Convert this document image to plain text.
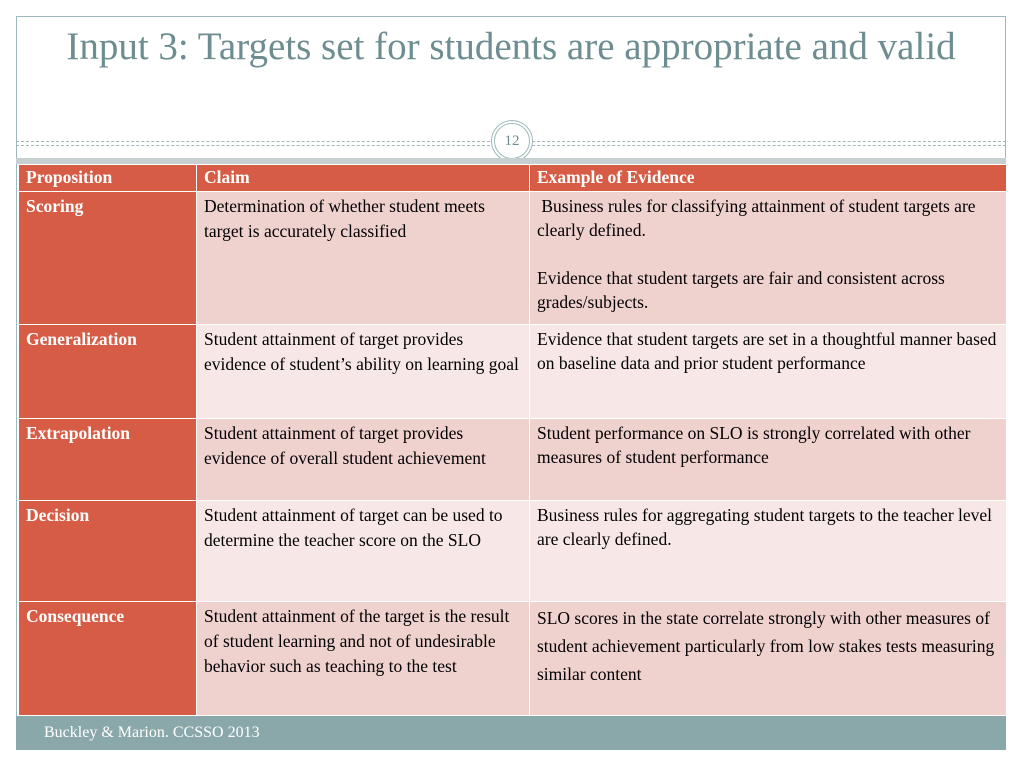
Input 3: Targets set for students are appropriate and valid
12
Proposition	Claim	Example of Evidence
Scoring	Determination of whether student meets target is accurately classified	Business rules for classifying attainment of student targets are clearly defined.

Evidence that student targets are fair and consistent across grades/subjects.

Generalization	Student attainment of target provides evidence of student’s ability on learning goal	Evidence that student targets are set in a thoughtful manner based on baseline data and prior student performance

Extrapolation	Student attainment of target provides evidence of overall student achievement	Student performance on SLO is strongly correlated with other measures of student performance

Decision	Student attainment of target can be used to determine the teacher score on the SLO	Business rules for aggregating student targets to the teacher level are clearly defined.

Consequence	Student attainment of the target is the result of student learning and not of undesirable behavior such as teaching to the test	SLO scores in the state correlate strongly with other measures of student achievement particularly from low stakes tests measuring similar content

Buckley & Marion. CCSSO 2013
